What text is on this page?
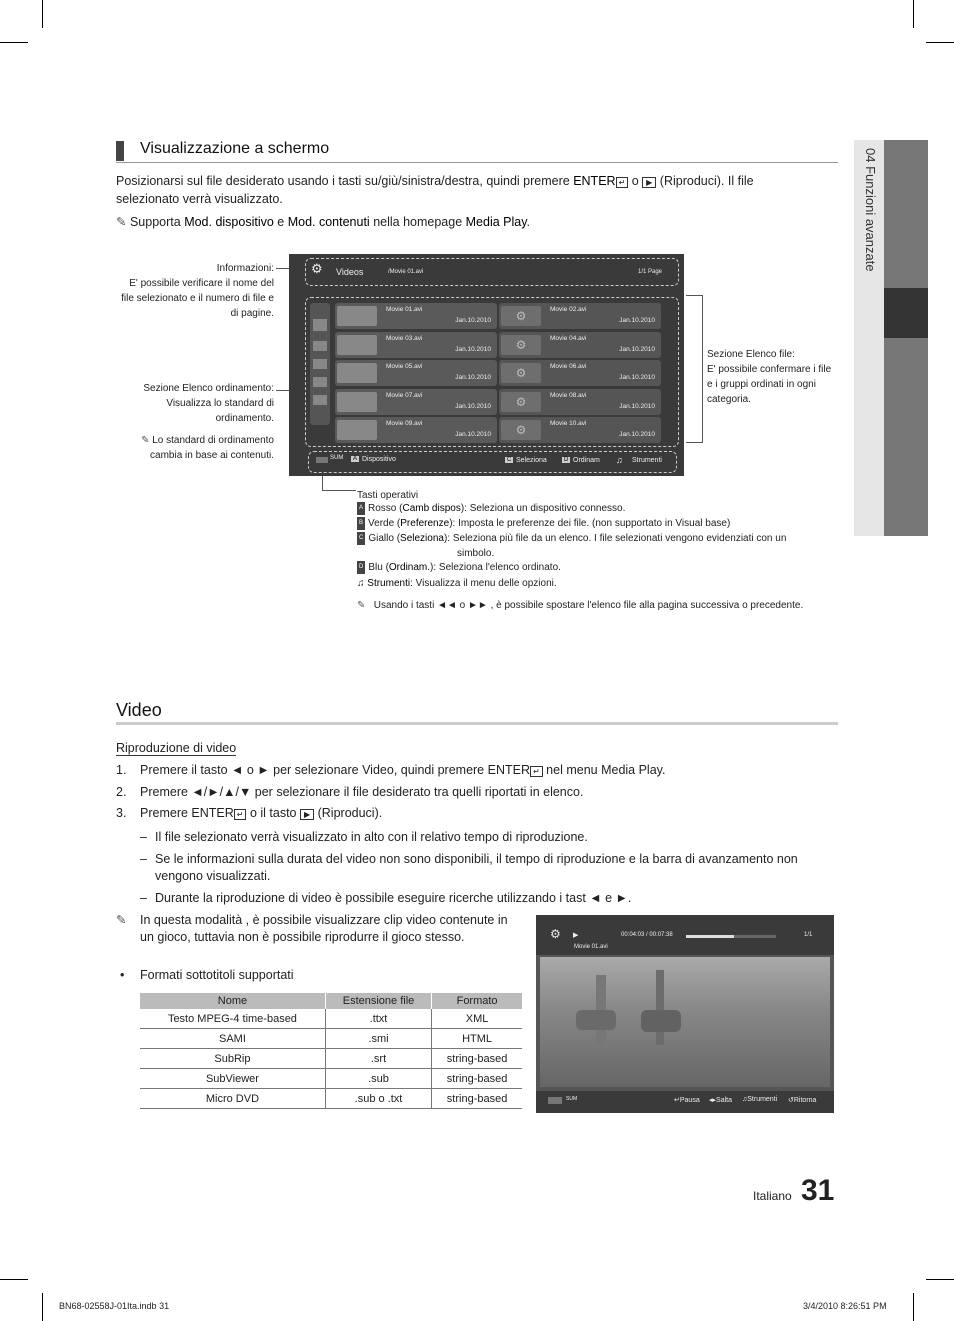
04 Funzioni avanzate
Visualizzazione a schermo
Posizionarsi sul file desiderato usando i tasti su/giù/sinistra/destra, quindi premere ENTER ↵ o ▶ (Riproduci). Il file
selezionato verrà visualizzato.
✎ Supporta Mod. dispositivo e Mod. contenuti nella homepage Media Play.
Informazioni:
E' possibile verificare il nome del
file selezionato e il numero di file e
di pagine.
Sezione Elenco ordinamento:
Visualizza lo standard di
ordinamento.
✎ Lo standard di ordinamento
cambia in base ai contenuti.
Sezione Elenco file:
E' possibile confermare i file
e i gruppi ordinati in ogni
categoria.
⚙ Videos	/Movie 01.avi	1/1 Page
Movie 01.avi
Jan.10.2010	⚙	Movie 02.avi
Jan.10.2010
Movie 03.avi
Jan.10.2010	⚙	Movie 04.avi
Jan.10.2010
Movie 05.avi
Jan.10.2010	⚙	Movie 06.avi
Jan.10.2010
Movie 07.avi
Jan.10.2010	⚙	Movie 08.avi
Jan.10.2010
Movie 09.avi
Jan.10.2010	⚙	Movie 10.avi
Jan.10.2010
SUM	A Dispositivo	C Seleziona	D Ordinam ♫ Strumenti
Tasti operativi
A Rosso (Camb dispos): Seleziona un dispositivo connesso.
B Verde (Preferenze): Imposta le preferenze dei file. (non supportato in Visual base)
C Giallo (Seleziona): Seleziona più file da un elenco. I file selezionati vengono evidenziati con un
D Blu (Ordinam.): Seleziona l'elenco ordinato.
simbolo.
♫ Strumenti: Visualizza il menu delle opzioni.
✎   Usando i tasti ◄◄ o ►► , è possibile spostare l'elenco file alla pagina successiva o precedente.
Video
Riproduzione di video
1. Premere il tasto ◄ o ► per selezionare Video, quindi premere ENTER ↵ nel menu Media Play.
2. Premere ◄/►/▲/▼ per selezionare il file desiderato tra quelli riportati in elenco.
3. Premere ENTER ↵ o il tasto ▶ (Riproduci).
– Il file selezionato verrà visualizzato in alto con il relativo tempo di riproduzione.
– Se le informazioni sulla durata del video non sono disponibili, il tempo di riproduzione e la barra di avanzamento non
vengono visualizzati.
– Durante la riproduzione di video è possibile eseguire ricerche utilizzando i tast ◄ e ►.
✎ In questa modalità , è possibile visualizzare clip video contenute in
un gioco, tuttavia non è possibile riprodurre il gioco stesso.
• Formati sottotitoli supportati
Nome	Estensione file	Formato
Testo MPEG-4 time-based	.ttxt	XML
SAMI	.smi	HTML
SubRip	.srt	string-based
SubViewer	.sub	string-based
Micro DVD	.sub o .txt	string-based
⚙ ▶	00:04:03 / 00:07:38	1/1
Movie 01.avi
SUM	↵Pausa ◂▸Salta ♫Strumenti ↺Ritorna
Italiano 31
BN68-02558J-01Ita.indb 31	3/4/2010 8:26:51 PM
